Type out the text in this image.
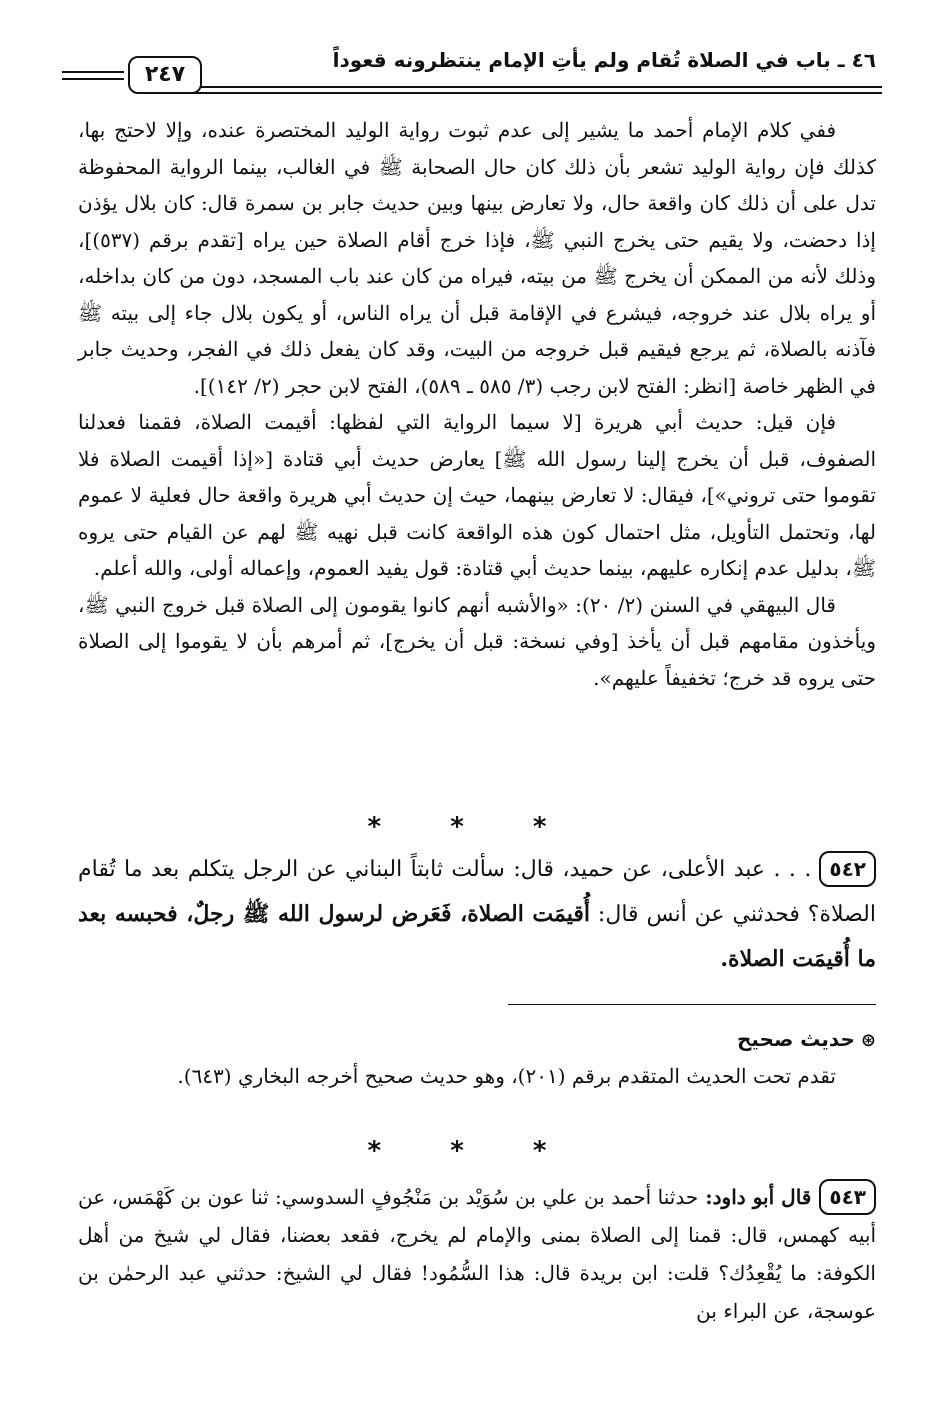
٤٦ ـ باب في الصلاة تُقام ولم يأتِ الإمام ينتظرونه قعوداً
٢٤٧

ففي كلام الإمام أحمد ما يشير إلى عدم ثبوت رواية الوليد المختصرة عنده، وإلا لاحتج بها، كذلك فإن رواية الوليد تشعر بأن ذلك كان حال الصحابة ﷺ في الغالب، بينما الرواية المحفوظة تدل على أن ذلك كان واقعة حال، ولا تعارض بينها وبين حديث جابر بن سمرة قال: كان بلال يؤذن إذا دحضت، ولا يقيم حتى يخرج النبي ﷺ، فإذا خرج أقام الصلاة حين يراه [تقدم برقم (٥٣٧)]، وذلك لأنه من الممكن أن يخرج ﷺ من بيته، فيراه من كان عند باب المسجد، دون من كان بداخله، أو يراه بلال عند خروجه، فيشرع في الإقامة قبل أن يراه الناس، أو يكون بلال جاء إلى بيته ﷺ فآذنه بالصلاة، ثم يرجع فيقيم قبل خروجه من البيت، وقد كان يفعل ذلك في الفجر، وحديث جابر في الظهر خاصة [انظر: الفتح لابن رجب (٣/ ٥٨٥ ـ ٥٨٩)، الفتح لابن حجر (٢/ ١٤٢)].

فإن قيل: حديث أبي هريرة [لا سيما الرواية التي لفظها: أقيمت الصلاة، فقمنا فعدلنا الصفوف، قبل أن يخرج إلينا رسول الله ﷺ] يعارض حديث أبي قتادة [«إذا أقيمت الصلاة فلا تقوموا حتى تروني»]، فيقال: لا تعارض بينهما، حيث إن حديث أبي هريرة واقعة حال فعلية لا عموم لها، وتحتمل التأويل، مثل احتمال كون هذه الواقعة كانت قبل نهيه ﷺ لهم عن القيام حتى يروه ﷺ، بدليل عدم إنكاره عليهم، بينما حديث أبي قتادة: قول يفيد العموم، وإعماله أولى، والله أعلم.

قال البيهقي في السنن (٢/ ٢٠): «والأشبه أنهم كانوا يقومون إلى الصلاة قبل خروج النبي ﷺ، ويأخذون مقامهم قبل أن يأخذ [وفي نسخة: قبل أن يخرج]، ثم أمرهم بأن لا يقوموا إلى الصلاة حتى يروه قد خرج؛ تخفيفاً عليهم».

* * *

٥٤٢. . . عبد الأعلى، عن حميد، قال: سألت ثابتاً البناني عن الرجل يتكلم بعد ما تُقام الصلاة؟ فحدثني عن أنس قال: أُقيمَت الصلاة، فَعَرض لرسول الله ﷺ رجلٌ، فحبسه بعد ما أُقيمَت الصلاة.

⊛حديث صحيح

تقدم تحت الحديث المتقدم برقم (٢٠١)، وهو حديث صحيح أخرجه البخاري (٦٤٣).

* * *

٥٤٣قال أبو داود: حدثنا أحمد بن علي بن سُوَيْد بن مَنْجُوفٍ السدوسي: ثنا عون بن كَهْمَس، عن أبيه كهمس، قال: قمنا إلى الصلاة بمنى والإمام لم يخرج، فقعد بعضنا، فقال لي شيخ من أهل الكوفة: ما يُقْعِدُك؟ قلت: ابن بريدة قال: هذا السُّمُود! فقال لي الشيخ: حدثني عبد الرحمٰن بن عوسجة، عن البراء بن
